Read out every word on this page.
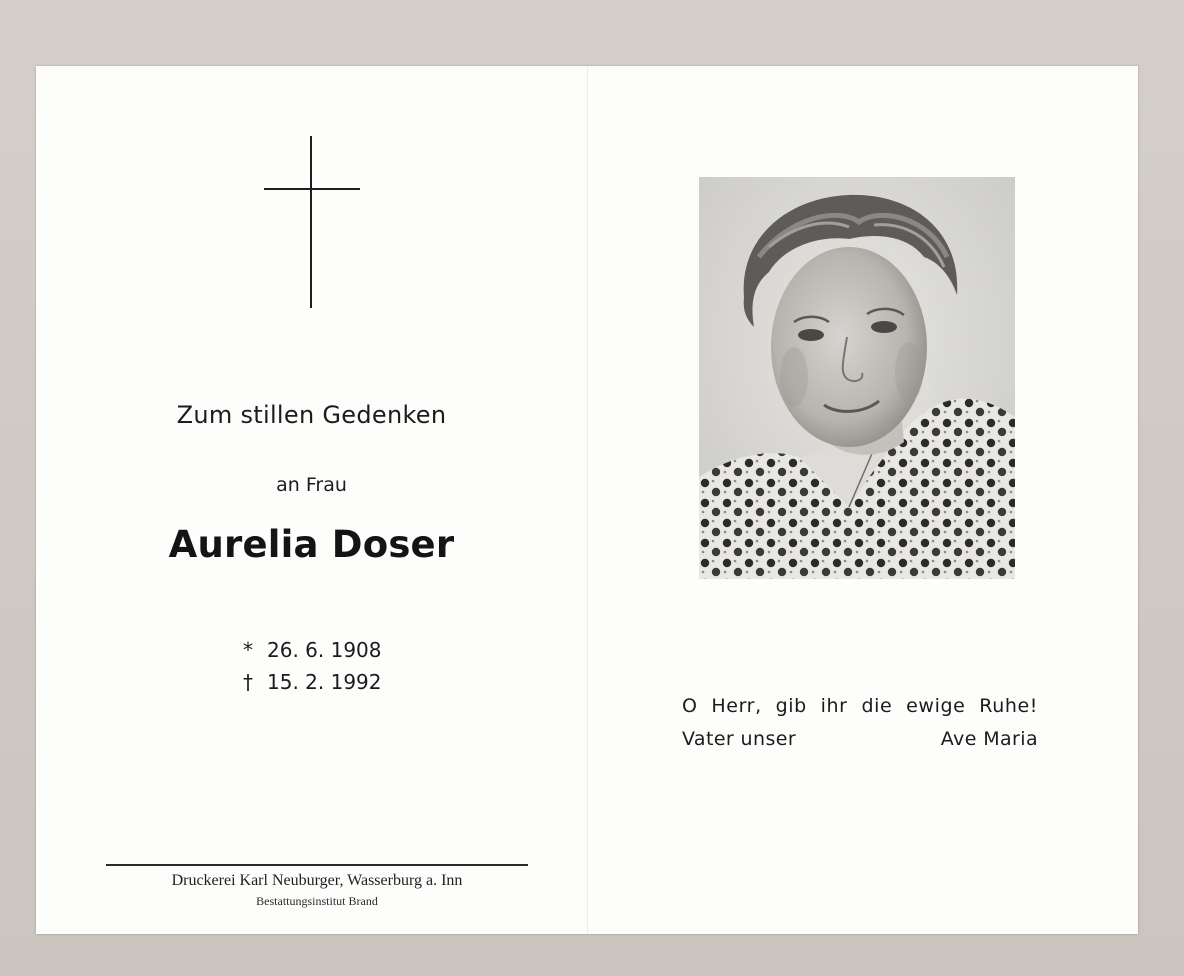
Zum stillen Gedenken
an Frau
Aurelia Doser
* 26. 6. 1908
† 15. 2. 1992
Druckerei Karl Neuburger, Wasserburg a. Inn
Bestattungsinstitut Brand
O Herr, gib ihr die ewige Ruhe!
Vater unser	Ave Maria
